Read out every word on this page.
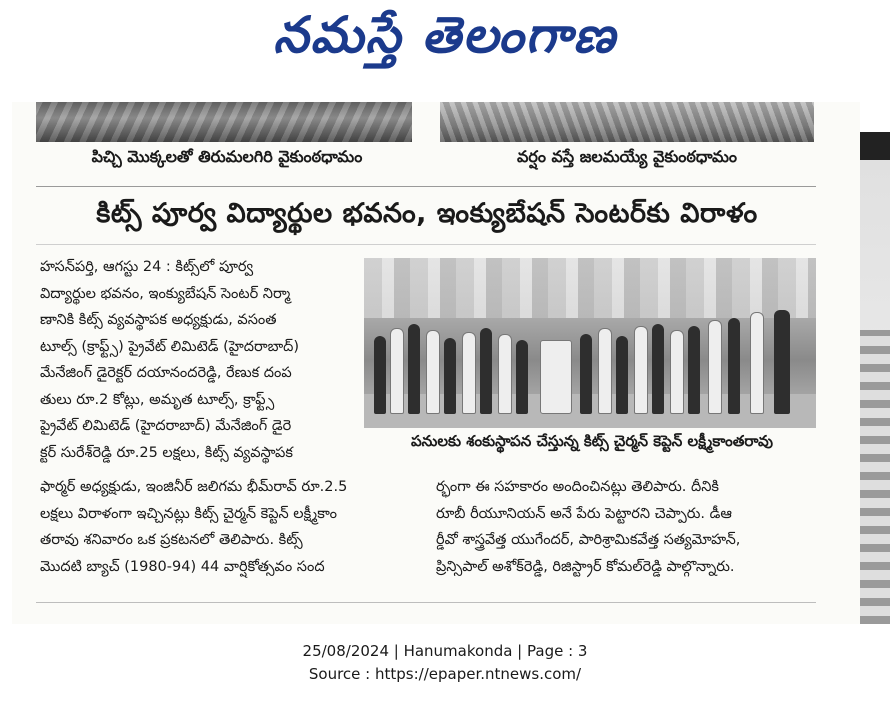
నమస్తే తెలంగాణ
పిచ్చి మొక్కలతో తిరుమలగిరి వైకుంఠధామం	వర్షం వస్తే జలమయ్యే వైకుంఠధామం
కిట్స్ పూర్వ విద్యార్థుల భవనం, ఇంక్యుబేషన్ సెంటర్‌కు విరాళం
హసన్‌పర్తి, ఆగస్టు 24 : కిట్స్‌లో పూర్వ
విద్యార్థుల భవనం, ఇంక్యుబేషన్ సెంటర్ నిర్మా
ణానికి కిట్స్ వ్యవస్థాపక అధ్యక్షుడు, వసంత
టూల్స్ (క్రాఫ్ట్స్) ప్రైవేట్ లిమిటెడ్ (హైదరాబాద్)
మేనేజింగ్ డైరెక్టర్ దయానందరెడ్డి, రేణుక దంప
తులు రూ.2 కోట్లు, అమృత టూల్స్, క్రాఫ్ట్స్
ప్రైవేట్ లిమిటెడ్ (హైదరాబాద్) మేనేజింగ్ డైరె
క్టర్ సురేశ్‌రెడ్డి రూ.25 లక్షలు, కిట్స్ వ్యవస్థాపక
పనులకు శంకుస్థాపన చేస్తున్న కిట్స్ చైర్మన్ కెప్టెన్ లక్ష్మీకాంతరావు
ఫార్మర్ అధ్యక్షుడు, ఇంజినీర్ జలిగమ భీమ్‌రావ్ రూ.2.5
లక్షలు విరాళంగా ఇచ్చినట్లు కిట్స్ చైర్మన్ కెప్టెన్ లక్ష్మీకాం
తరావు శనివారం ఒక ప్రకటనలో తెలిపారు. కిట్స్
మొదటి బ్యాచ్ (1980-94) 44 వార్షికోత్సవం సంద
ర్భంగా ఈ సహకారం అందించినట్లు తెలిపారు. దీనికి
రూబీ రీయూనియన్ అనే పేరు పెట్టారని చెప్పారు. డీఆ
ర్డీవో శాస్త్రవేత్త యుగేందర్, పారిశ్రామికవేత్త సత్యమోహన్,
ప్రిన్సిపాల్ అశోక్‌రెడ్డి, రిజిస్ట్రార్ కోమల్‌రెడ్డి పాల్గొన్నారు.
25/08/2024 | Hanumakonda | Page : 3
Source : https://epaper.ntnews.com/
